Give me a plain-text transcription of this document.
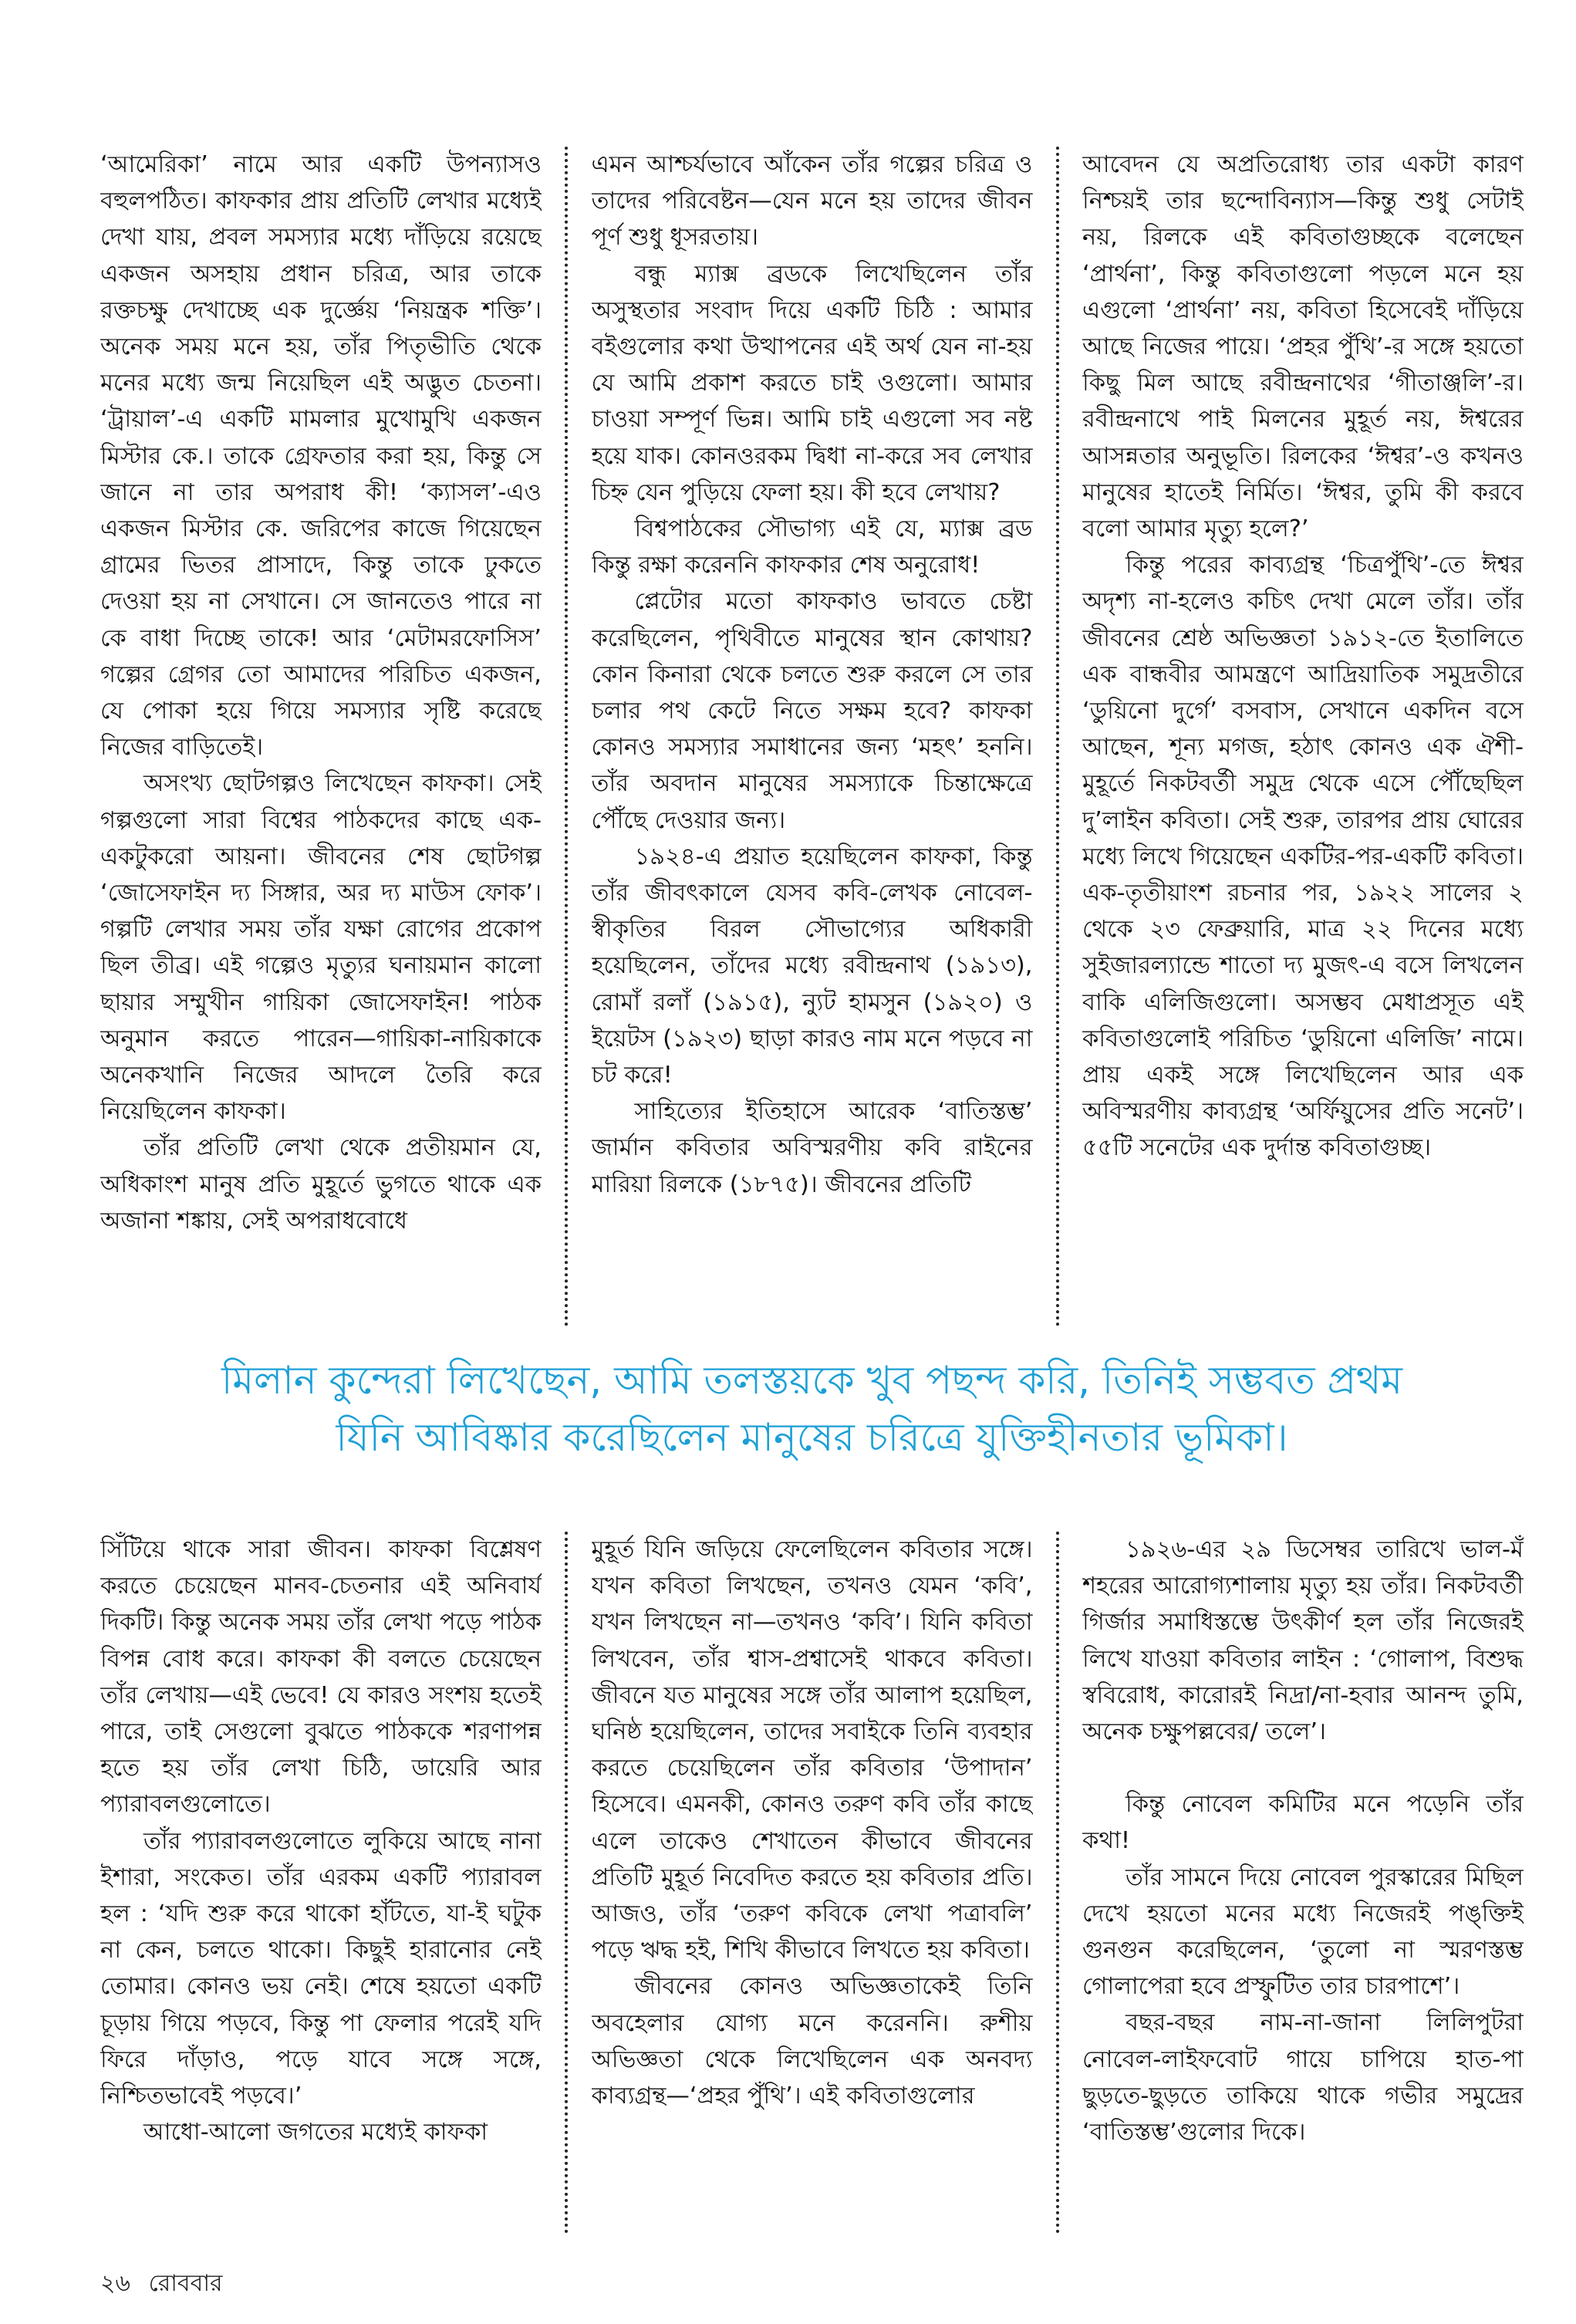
‘আমেরিকা’ নামে আর একটি উপন্যাসও বহুলপঠিত। কাফকার প্রায় প্রতিটি লেখার মধ্যেই দেখা যায়, প্রবল সমস্যার মধ্যে দাঁড়িয়ে রয়েছে একজন অসহায় প্রধান চরিত্র, আর তাকে রক্তচক্ষু দেখাচ্ছে এক দুর্জ্ঞেয় ‘নিয়ন্ত্রক শক্তি’। অনেক সময় মনে হয়, তাঁর পিতৃভীতি থেকে মনের মধ্যে জন্ম নিয়েছিল এই অদ্ভুত চেতনা। ‘ট্রায়াল’-এ একটি মামলার মুখোমুখি একজন মিস্টার কে.। তাকে গ্রেফতার করা হয়, কিন্তু সে জানে না তার অপরাধ কী! ‘ক্যাসল’-এও একজন মিস্টার কে. জরিপের কাজে গিয়েছেন গ্রামের ভিতর প্রাসাদে, কিন্তু তাকে ঢুকতে দেওয়া হয় না সেখানে। সে জানতেও পারে না কে বাধা দিচ্ছে তাকে! আর ‘মেটামরফোসিস’ গল্পের গ্রেগর তো আমাদের পরিচিত একজন, যে পোকা হয়ে গিয়ে সমস্যার সৃষ্টি করেছে নিজের বাড়িতেই।

অসংখ্য ছোটগল্পও লিখেছেন কাফকা। সেই গল্পগুলো সারা বিশ্বের পাঠকদের কাছে এক-একটুকরো আয়না। জীবনের শেষ ছোটগল্প ‘জোসেফাইন দ্য সিঙ্গার, অর দ্য মাউস ফোক’। গল্পটি লেখার সময় তাঁর যক্ষা রোগের প্রকোপ ছিল তীব্র। এই গল্পেও মৃত্যুর ঘনায়মান কালো ছায়ার সম্মুখীন গায়িকা জোসেফাইন! পাঠক অনুমান করতে পারেন—গায়িকা-নায়িকাকে অনেকখানি নিজের আদলে তৈরি করে নিয়েছিলেন কাফকা।

তাঁর প্রতিটি লেখা থেকে প্রতীয়মান যে, অধিকাংশ মানুষ প্রতি মুহূর্তে ভুগতে থাকে এক অজানা শঙ্কায়, সেই অপরাধবোধে

এমন আশ্চর্যভাবে আঁকেন তাঁর গল্পের চরিত্র ও তাদের পরিবেষ্টন—যেন মনে হয় তাদের জীবন পূর্ণ শুধু ধূসরতায়।

বন্ধু ম্যাক্স ব্রডকে লিখেছিলেন তাঁর অসুস্থতার সংবাদ দিয়ে একটি চিঠি : আমার বইগুলোর কথা উত্থাপনের এই অর্থ যেন না-হয় যে আমি প্রকাশ করতে চাই ওগুলো। আমার চাওয়া সম্পূর্ণ ভিন্ন। আমি চাই এগুলো সব নষ্ট হয়ে যাক। কোনওরকম দ্বিধা না-করে সব লেখার চিহ্ন যেন পুড়িয়ে ফেলা হয়। কী হবে লেখায়?

বিশ্বপাঠকের সৌভাগ্য এই যে, ম্যাক্স ব্রড কিন্তু রক্ষা করেননি কাফকার শেষ অনুরোধ!

প্লেটোর মতো কাফকাও ভাবতে চেষ্টা করেছিলেন, পৃথিবীতে মানুষের স্থান কোথায়? কোন কিনারা থেকে চলতে শুরু করলে সে তার চলার পথ কেটে নিতে সক্ষম হবে? কাফকা কোনও সমস্যার সমাধানের জন্য ‘মহৎ’ হননি। তাঁর অবদান মানুষের সমস্যাকে চিন্তাক্ষেত্রে পৌঁছে দেওয়ার জন্য।

১৯২৪-এ প্রয়াত হয়েছিলেন কাফকা, কিন্তু তাঁর জীবৎকালে যেসব কবি-লেখক নোবেল-স্বীকৃতির বিরল সৌভাগ্যের অধিকারী হয়েছিলেন, তাঁদের মধ্যে রবীন্দ্রনাথ (১৯১৩), রোমাঁ রলাঁ (১৯১৫), ন্যুট হামসুন (১৯২০) ও ইয়েটস (১৯২৩) ছাড়া কারও নাম মনে পড়বে না চট করে!

সাহিত্যের ইতিহাসে আরেক ‘বাতিস্তম্ভ’ জার্মান কবিতার অবিস্মরণীয় কবি রাইনের মারিয়া রিলকে (১৮৭৫)। জীবনের প্রতিটি

আবেদন যে অপ্রতিরোধ্য তার একটা কারণ নিশ্চয়ই তার ছন্দোবিন্যাস—কিন্তু শুধু সেটাই নয়, রিলকে এই কবিতাগুচ্ছকে বলেছেন ‘প্রার্থনা’, কিন্তু কবিতাগুলো পড়লে মনে হয় এগুলো ‘প্রার্থনা’ নয়, কবিতা হিসেবেই দাঁড়িয়ে আছে নিজের পায়ে। ‘প্রহর পুঁথি’-র সঙ্গে হয়তো কিছু মিল আছে রবীন্দ্রনাথের ‘গীতাঞ্জলি’-র। রবীন্দ্রনাথে পাই মিলনের মুহূর্ত নয়, ঈশ্বরের আসন্নতার অনুভূতি। রিলকের ‘ঈশ্বর’-ও কখনও মানুষের হাতেই নির্মিত। ‘ঈশ্বর, তুমি কী করবে বলো আমার মৃত্যু হলে?’

কিন্তু পরের কাব্যগ্রন্থ ‘চিত্রপুঁথি’-তে ঈশ্বর অদৃশ্য না-হলেও কচিৎ দেখা মেলে তাঁর। তাঁর জীবনের শ্রেষ্ঠ অভিজ্ঞতা ১৯১২-তে ইতালিতে এক বান্ধবীর আমন্ত্রণে আদ্রিয়াতিক সমুদ্রতীরে ‘ডুয়িনো দুর্গে’ বসবাস, সেখানে একদিন বসে আছেন, শূন্য মগজ, হঠাৎ কোনও এক ঐশী-মুহূর্তে নিকটবর্তী সমুদ্র থেকে এসে পৌঁছেছিল দু’লাইন কবিতা। সেই শুরু, তারপর প্রায় ঘোরের মধ্যে লিখে গিয়েছেন একটির-পর-একটি কবিতা। এক-তৃতীয়াংশ রচনার পর, ১৯২২ সালের ২ থেকে ২৩ ফেব্রুয়ারি, মাত্র ২২ দিনের মধ্যে সুইজারল্যান্ডে শাতো দ্য মুজৎ-এ বসে লিখলেন বাকি এলিজিগুলো। অসম্ভব মেধাপ্রসূত এই কবিতাগুলোই পরিচিত ‘ডুয়িনো এলিজি’ নামে। প্রায় একই সঙ্গে লিখেছিলেন আর এক অবিস্মরণীয় কাব্যগ্রন্থ ‘অর্ফিয়ুসের প্রতি সনেট’। ৫৫টি সনেটের এক দুর্দান্ত কবিতাগুচ্ছ।

মিলান কুন্দেরা লিখেছেন, আমি তলস্তয়কে খুব পছন্দ করি, তিনিই সম্ভবত প্রথম
যিনি আবিষ্কার করেছিলেন মানুষের চরিত্রে যুক্তিহীনতার ভূমিকা।

সিঁটিয়ে থাকে সারা জীবন। কাফকা বিশ্লেষণ করতে চেয়েছেন মানব-চেতনার এই অনিবার্য দিকটি। কিন্তু অনেক সময় তাঁর লেখা পড়ে পাঠক বিপন্ন বোধ করে। কাফকা কী বলতে চেয়েছেন তাঁর লেখায়—এই ভেবে! যে কারও সংশয় হতেই পারে, তাই সেগুলো বুঝতে পাঠককে শরণাপন্ন হতে হয় তাঁর লেখা চিঠি, ডায়েরি আর প্যারাবলগুলোতে।

তাঁর প্যারাবলগুলোতে লুকিয়ে আছে নানা ইশারা, সংকেত। তাঁর এরকম একটি প্যারাবল হল : ‘যদি শুরু করে থাকো হাঁটতে, যা-ই ঘটুক না কেন, চলতে থাকো। কিছুই হারানোর নেই তোমার। কোনও ভয় নেই। শেষে হয়তো একটি চূড়ায় গিয়ে পড়বে, কিন্তু পা ফেলার পরেই যদি ফিরে দাঁড়াও, পড়ে যাবে সঙ্গে সঙ্গে, নিশ্চিতভাবেই পড়বে।’

আধো-আলো জগতের মধ্যেই কাফকা

মুহূর্ত যিনি জড়িয়ে ফেলেছিলেন কবিতার সঙ্গে। যখন কবিতা লিখছেন, তখনও যেমন ‘কবি’, যখন লিখছেন না—তখনও ‘কবি’। যিনি কবিতা লিখবেন, তাঁর শ্বাস-প্রশ্বাসেই থাকবে কবিতা। জীবনে যত মানুষের সঙ্গে তাঁর আলাপ হয়েছিল, ঘনিষ্ঠ হয়েছিলেন, তাদের সবাইকে তিনি ব্যবহার করতে চেয়েছিলেন তাঁর কবিতার ‘উপাদান’ হিসেবে। এমনকী, কোনও তরুণ কবি তাঁর কাছে এলে তাকেও শেখাতেন কীভাবে জীবনের প্রতিটি মুহূর্ত নিবেদিত করতে হয় কবিতার প্রতি। আজও, তাঁর ‘তরুণ কবিকে লেখা পত্রাবলি’ পড়ে ঋদ্ধ হই, শিখি কীভাবে লিখতে হয় কবিতা।

জীবনের কোনও অভিজ্ঞতাকেই তিনি অবহেলার যোগ্য মনে করেননি। রুশীয় অভিজ্ঞতা থেকে লিখেছিলেন এক অনবদ্য কাব্যগ্রন্থ—‘প্রহর পুঁথি’। এই কবিতাগুলোর

১৯২৬-এর ২৯ ডিসেম্বর তারিখে ভাল-মঁ শহরের আরোগ্যশালায় মৃত্যু হয় তাঁর। নিকটবর্তী গির্জার সমাধিস্তম্ভে উৎকীর্ণ হল তাঁর নিজেরই লিখে যাওয়া কবিতার লাইন : ‘গোলাপ, বিশুদ্ধ স্ববিরোধ, কারোরই নিদ্রা/না-হবার আনন্দ তুমি, অনেক চক্ষুপল্লবের/ তলে’।

কিন্তু নোবেল কমিটির মনে পড়েনি তাঁর কথা!

তাঁর সামনে দিয়ে নোবেল পুরস্কারের মিছিল দেখে হয়তো মনের মধ্যে নিজেরই পঙ্‌ক্তিই গুনগুন করেছিলেন, ‘তুলো না স্মরণস্তম্ভ গোলাপেরা হবে প্রস্ফুটিত তার চারপাশে’।

বছর-বছর নাম-না-জানা লিলিপুটরা নোবেল-লাইফবোট গায়ে চাপিয়ে হাত-পা ছুড়তে-ছুড়তে তাকিয়ে থাকে গভীর সমুদ্রের ‘বাতিস্তম্ভ’গুলোর দিকে।

২৬ রোববার
